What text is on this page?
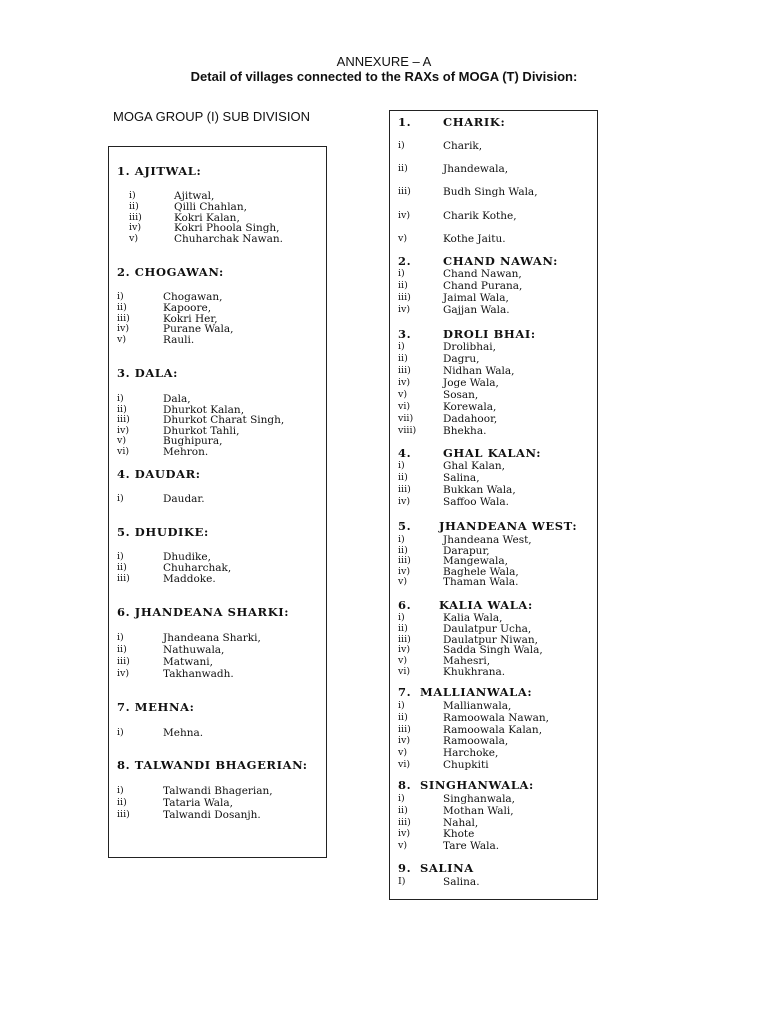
ANNEXURE – A
Detail of villages connected to the RAXs of MOGA (T) Division:
MOGA GROUP (I) SUB DIVISION
1. AJITWAL:
i)	Ajitwal,
ii)	Qilli Chahlan,
iii)	Kokri Kalan,
iv)	Kokri Phoola Singh,
v)	Chuharchak Nawan.
2. CHOGAWAN:
i)	Chogawan,
ii)	Kapoore,
iii)	Kokri Her,
iv)	Purane Wala,
v)	Rauli.
3. DALA:
i)	Dala,
ii)	Dhurkot Kalan,
iii)	Dhurkot Charat Singh,
iv)	Dhurkot Tahli,
v)	Bughipura,
vi)	Mehron.
4. DAUDAR:
i)	Daudar.
5. DHUDIKE:
i)	Dhudike,
ii)	Chuharchak,
iii)	Maddoke.
6. JHANDEANA SHARKI:
i)	Jhandeana Sharki,
ii)	Nathuwala,
iii)	Matwani,
iv)	Takhanwadh.
7. MEHNA:
i)	Mehna.
8. TALWANDI BHAGERIAN:
i)	Talwandi Bhagerian,
ii)	Tataria Wala,
iii)	Talwandi Dosanjh.
1.	CHARIK:
i)	Charik,
ii)	Jhandewala,
iii)	Budh Singh Wala,
iv)	Charik Kothe,
v)	Kothe Jaitu.
2.	CHAND NAWAN:
i)	Chand Nawan,
ii)	Chand Purana,
iii)	Jaimal Wala,
iv)	Gajjan Wala.
3.	DROLI BHAI:
i)	Drolibhai,
ii)	Dagru,
iii)	Nidhan Wala,
iv)	Joge Wala,
v)	Sosan,
vi)	Korewala,
vii)	Dadahoor,
viii)	Bhekha.
4.	GHAL KALAN:
i)	Ghal Kalan,
ii)	Salina,
iii)	Bukkan Wala,
iv)	Saffoo Wala.
5. JHANDEANA WEST:
i)	Jhandeana West,
ii)	Darapur,
iii)	Mangewala,
iv)	Baghele Wala,
v)	Thaman Wala.
6. KALIA WALA:
i)	Kalia Wala,
ii)	Daulatpur Ucha,
iii)	Daulatpur Niwan,
iv)	Sadda Singh Wala,
v)	Mahesri,
vi)	Khukhrana.
7. MALLIANWALA:
i)	Mallianwala,
ii)	Ramoowala Nawan,
iii)	Ramoowala Kalan,
iv)	Ramoowala,
v)	Harchoke,
vi)	Chupkiti
8. SINGHANWALA:
i)	Singhanwala,
ii)	Mothan Wali,
iii)	Nahal,
iv)	Khote
v)	Tare Wala.
9. SALINA
I)	Salina.
